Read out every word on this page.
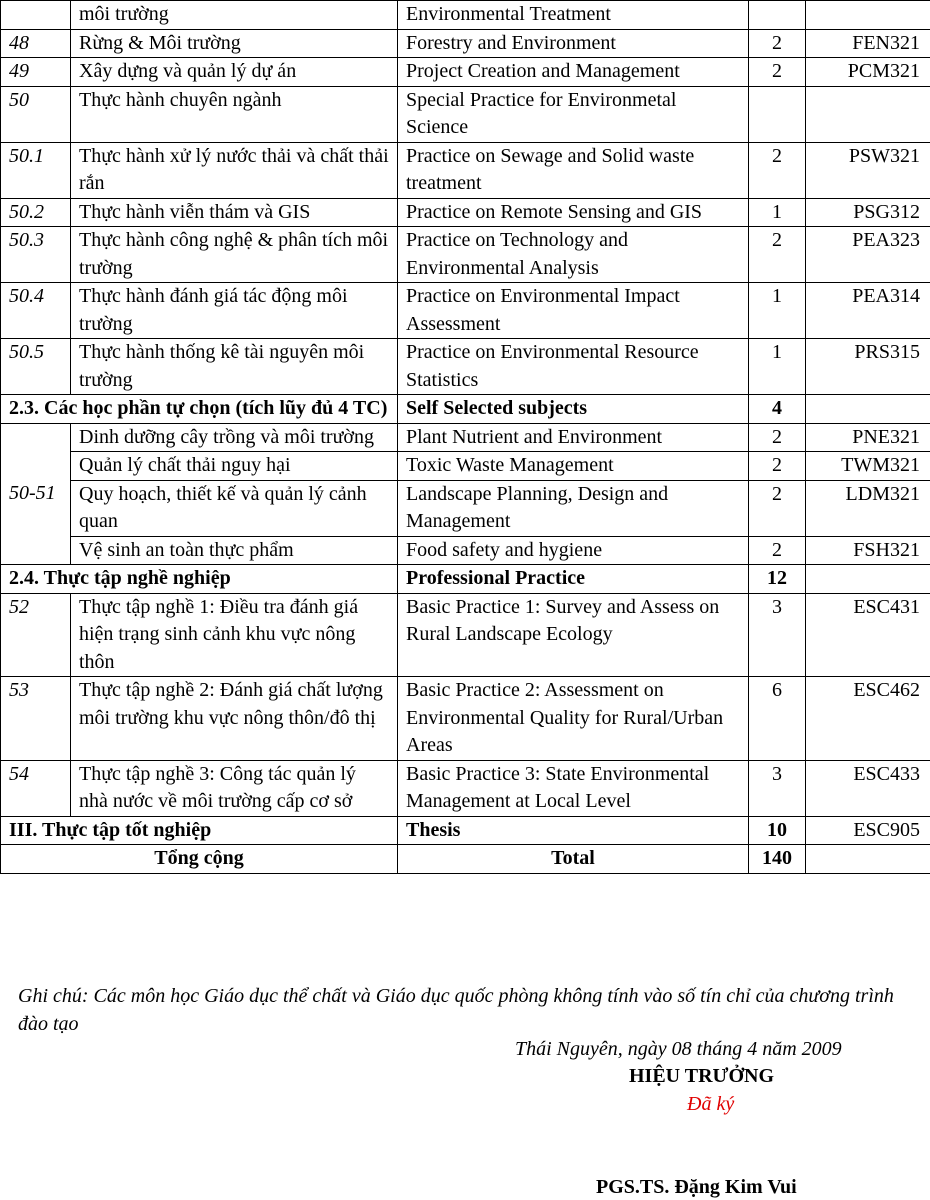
	môi trường	Environmental Treatment		
48	Rừng & Môi trường	Forestry and Environment	2	FEN321
49	Xây dựng và quản lý dự án	Project Creation and Management	2	PCM321
50	Thực hành chuyên ngành	Special Practice for Environmetal Science		
50.1	Thực hành xử lý nước thải và chất thải rắn	Practice on Sewage and Solid waste treatment	2	PSW321
50.2	Thực hành viễn thám và GIS	Practice on Remote Sensing and GIS	1	PSG312
50.3	Thực hành công nghệ & phân tích môi trường	Practice on Technology and Environmental Analysis	2	PEA323
50.4	Thực hành đánh giá tác động môi trường	Practice on Environmental Impact Assessment	1	PEA314
50.5	Thực hành thống kê tài nguyên môi trường	Practice on Environmental Resource Statistics	1	PRS315
2.3. Các học phần tự chọn (tích lũy đủ 4 TC)		Self Selected subjects	4	
50-51	Dinh dưỡng cây trồng và môi trường	Plant Nutrient and Environment	2	PNE321
	Quản lý chất thải nguy hại	Toxic Waste Management	2	TWM321
	Quy hoạch, thiết kế và quản lý cảnh quan	Landscape Planning, Design and Management	2	LDM321
	Vệ sinh an toàn thực phẩm	Food safety and hygiene	2	FSH321
2.4. Thực tập nghề nghiệp		Professional Practice	12	
52	Thực tập nghề 1: Điều tra đánh giá hiện trạng sinh cảnh khu vực nông thôn	Basic Practice 1: Survey and Assess on Rural Landscape Ecology	3	ESC431
53	Thực tập nghề 2: Đánh giá chất lượng môi trường khu vực nông thôn/đô thị	Basic Practice 2: Assessment on Environmental Quality for Rural/Urban Areas	6	ESC462
54	Thực tập nghề 3: Công tác quản lý nhà nước về môi trường cấp cơ sở	Basic Practice 3: State Environmental Management at Local Level	3	ESC433
III. Thực tập tốt nghiệp		Thesis	10	ESC905
Tổng cộng		Total	140	
Ghi chú: Các môn học Giáo dục thể chất và Giáo dục quốc phòng không tính vào số tín chỉ của chương trình đào tạo
Thái Nguyên, ngày 08 tháng 4 năm 2009
HIỆU TRƯỞNG
Đã ký
PGS.TS. Đặng Kim Vui
